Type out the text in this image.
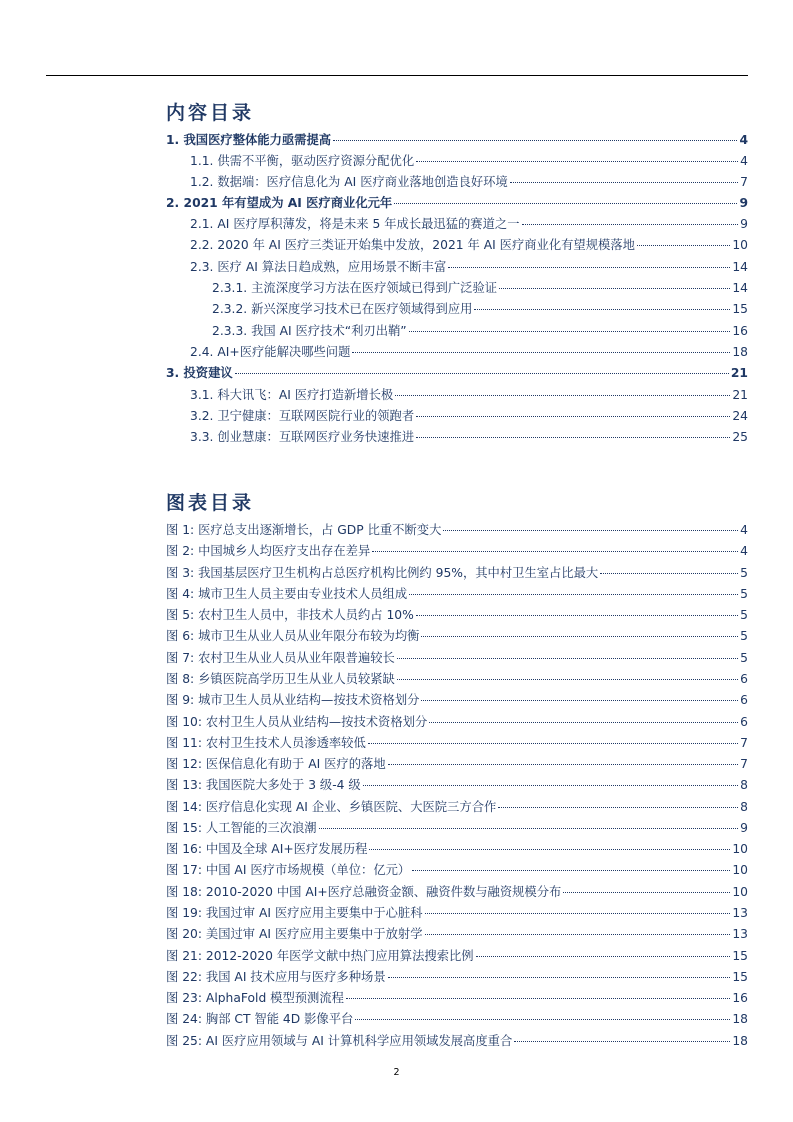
内容目录
1. 我国医疗整体能力亟需提高	4
1.1. 供需不平衡，驱动医疗资源分配优化	4
1.2. 数据端：医疗信息化为 AI 医疗商业落地创造良好环境	7
2. 2021 年有望成为 AI 医疗商业化元年	9
2.1. AI 医疗厚积薄发，将是未来 5 年成长最迅猛的赛道之一	9
2.2. 2020 年 AI 医疗三类证开始集中发放，2021 年 AI 医疗商业化有望规模落地	10
2.3. 医疗 AI 算法日趋成熟，应用场景不断丰富	14
2.3.1. 主流深度学习方法在医疗领域已得到广泛验证	14
2.3.2. 新兴深度学习技术已在医疗领域得到应用	15
2.3.3. 我国 AI 医疗技术“利刃出鞘”	16
2.4. AI+医疗能解决哪些问题	18
3. 投资建议	21
3.1. 科大讯飞：AI 医疗打造新增长极	21
3.2. 卫宁健康：互联网医院行业的领跑者	24
3.3. 创业慧康：互联网医疗业务快速推进	25
图表目录
图 1: 医疗总支出逐渐增长，占 GDP 比重不断变大	4
图 2: 中国城乡人均医疗支出存在差异	4
图 3: 我国基层医疗卫生机构占总医疗机构比例约 95%，其中村卫生室占比最大	5
图 4: 城市卫生人员主要由专业技术人员组成	5
图 5: 农村卫生人员中，非技术人员约占 10%	5
图 6: 城市卫生从业人员从业年限分布较为均衡	5
图 7: 农村卫生从业人员从业年限普遍较长	5
图 8: 乡镇医院高学历卫生从业人员较紧缺	6
图 9: 城市卫生人员从业结构—按技术资格划分	6
图 10: 农村卫生人员从业结构—按技术资格划分	6
图 11: 农村卫生技术人员渗透率较低	7
图 12: 医保信息化有助于 AI 医疗的落地	7
图 13: 我国医院大多处于 3 级-4 级	8
图 14: 医疗信息化实现 AI 企业、乡镇医院、大医院三方合作	8
图 15: 人工智能的三次浪潮	9
图 16: 中国及全球 AI+医疗发展历程	10
图 17: 中国 AI 医疗市场规模（单位：亿元）	10
图 18: 2010-2020 中国 AI+医疗总融资金额、融资件数与融资规模分布	10
图 19: 我国过审 AI 医疗应用主要集中于心脏科	13
图 20: 美国过审 AI 医疗应用主要集中于放射学	13
图 21: 2012-2020 年医学文献中热门应用算法搜索比例	15
图 22: 我国 AI 技术应用与医疗多种场景	15
图 23: AlphaFold 模型预测流程	16
图 24: 胸部 CT 智能 4D 影像平台	18
图 25: AI 医疗应用领域与 AI 计算机科学应用领域发展高度重合	18
2
